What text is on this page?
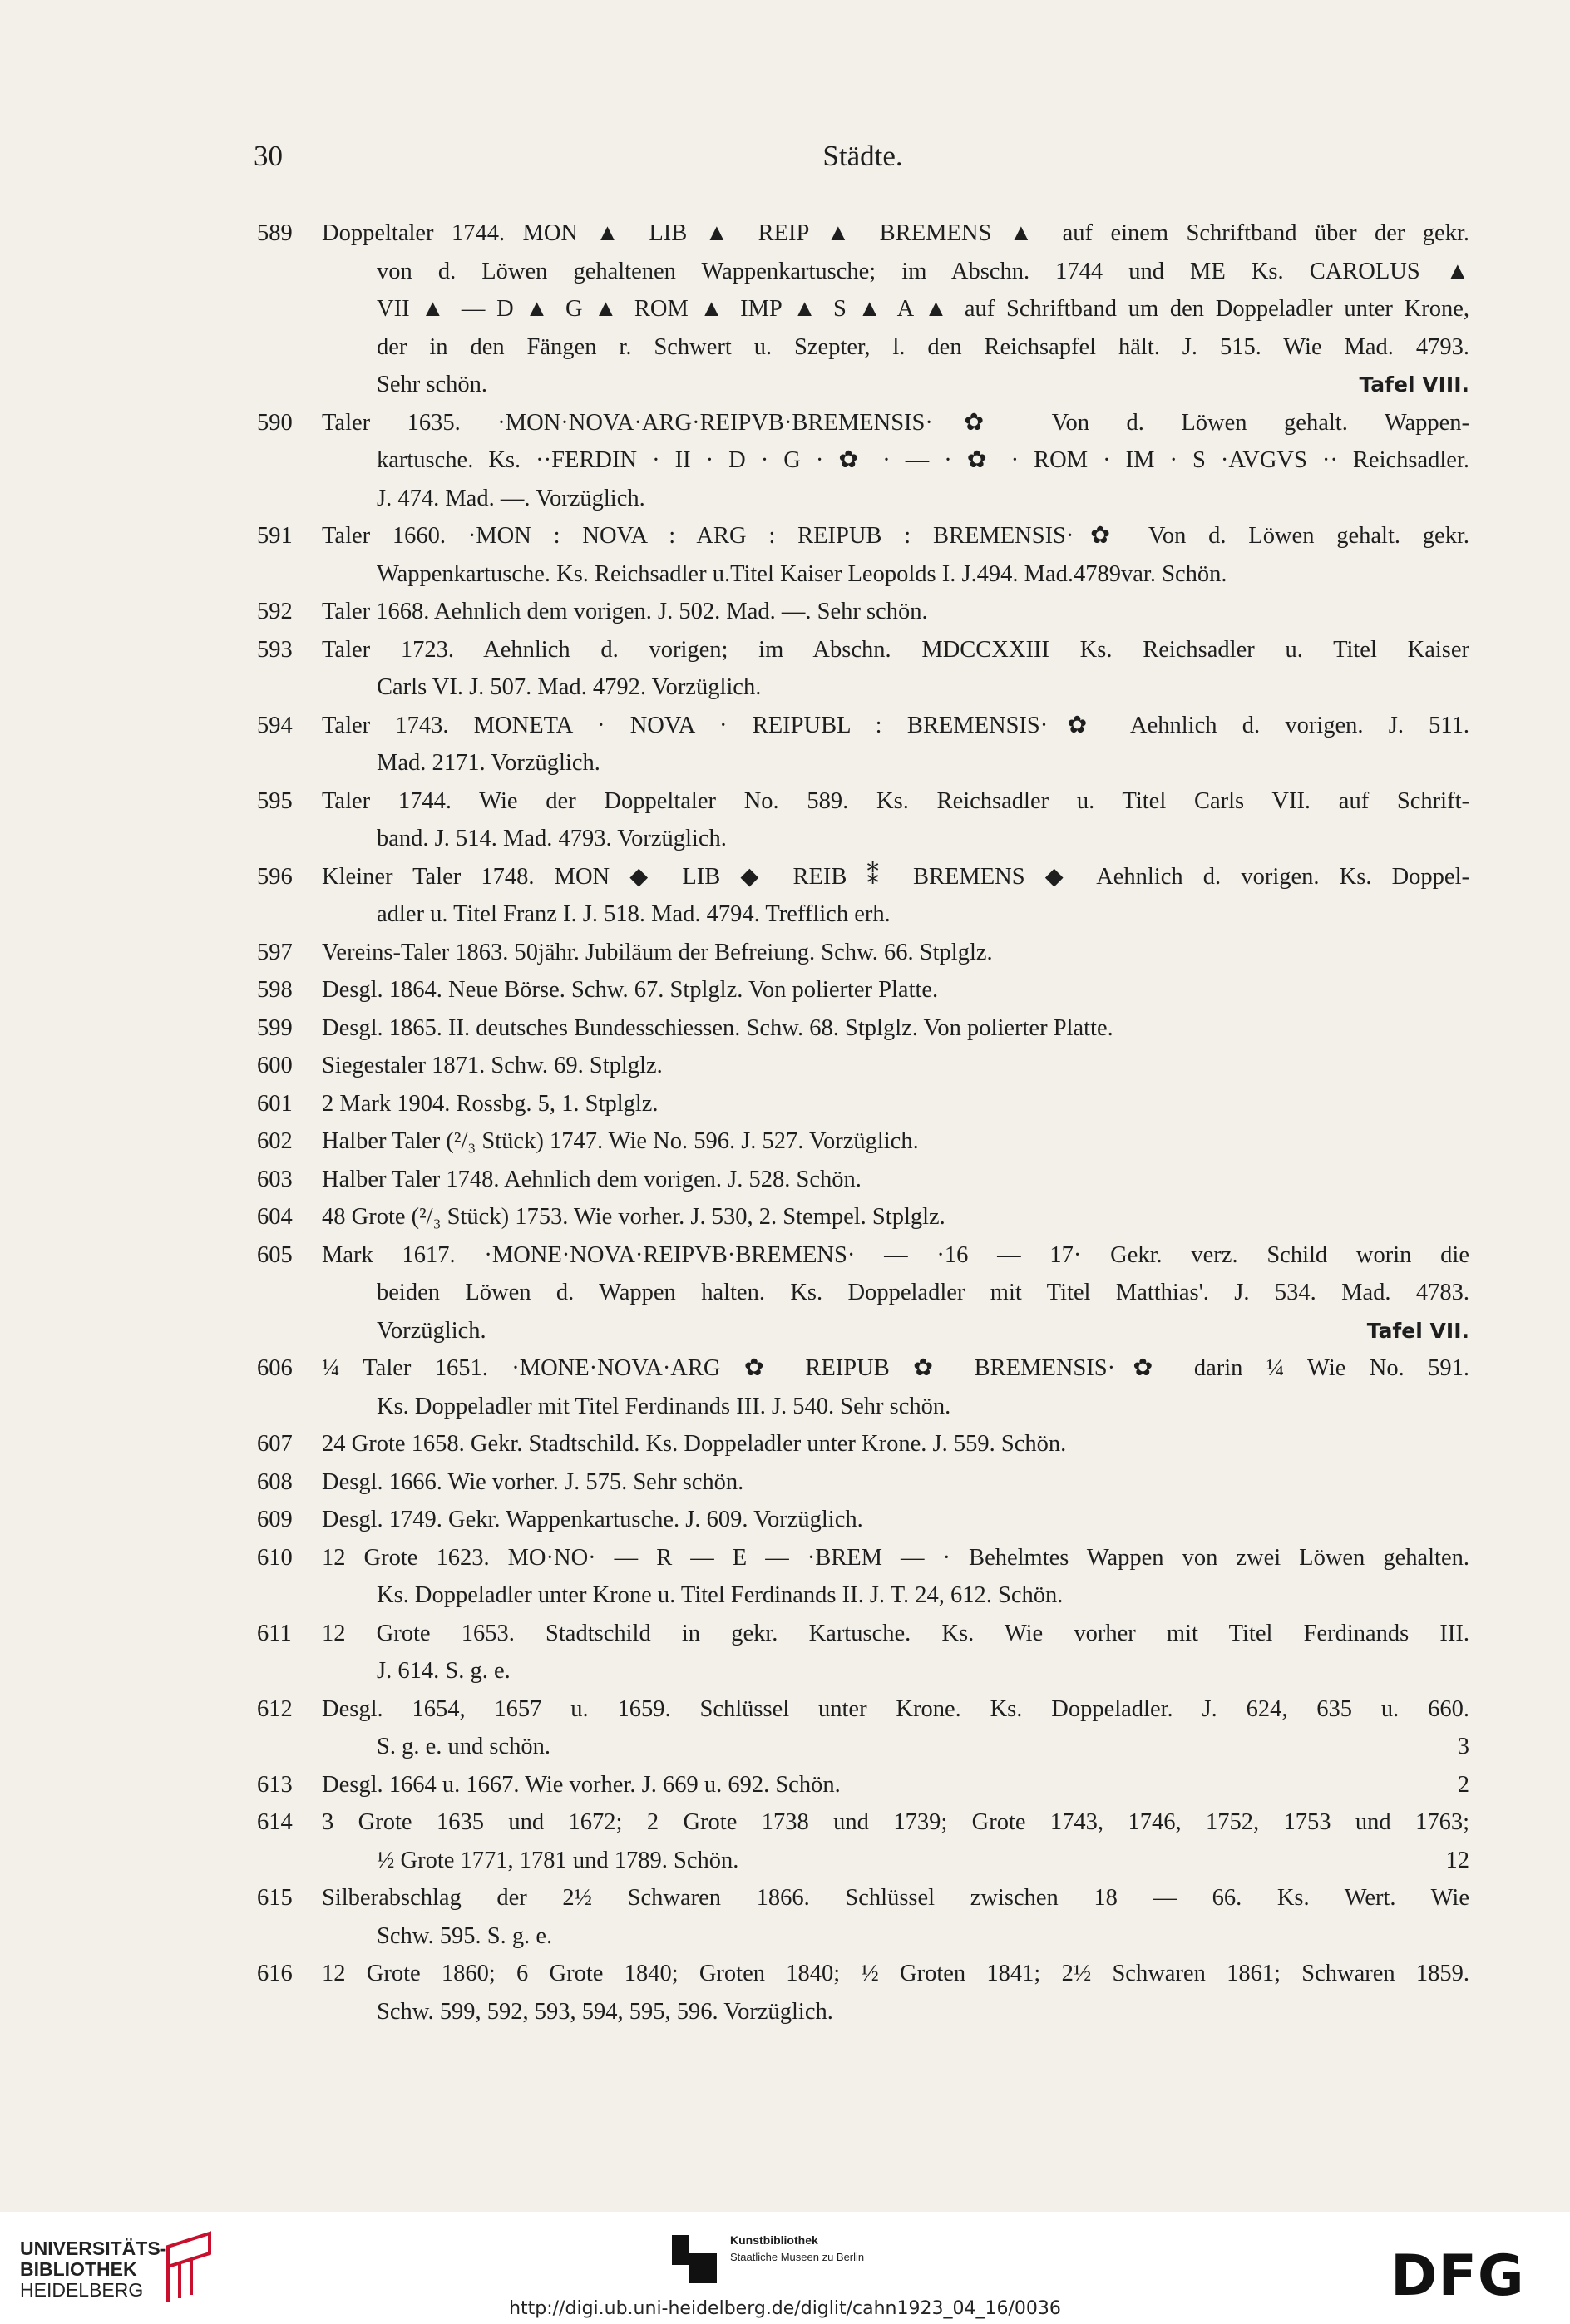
30	Städte.
589 Doppeltaler 1744. MON ▲ LIB ▲ REIP ▲ BREMENS ▲ auf einem Schriftband über der gekr.
von d. Löwen gehaltenen Wappenkartusche; im Abschn. 1744 und ME Ks. CAROLUS ▲
VII ▲ — D ▲ G ▲ ROM ▲ IMP ▲ S ▲ A ▲ auf Schriftband um den Doppeladler unter Krone,
der in den Fängen r. Schwert u. Szepter, l. den Reichsapfel hält. J. 515. Wie Mad. 4793.
Sehr schön.	Tafel VIII.
590 Taler 1635. ·MON·NOVA·ARG·REIPVB·BREMENSIS·✿ Von d. Löwen gehalt. Wappen-
kartusche. Ks. ··FERDIN · II · D · G · ✿ · — · ✿ · ROM · IM · S ·AVGVS ·· Reichsadler.
J. 474. Mad. —. Vorzüglich.
591 Taler 1660. ·MON : NOVA : ARG : REIPUB : BREMENSIS·✿ Von d. Löwen gehalt. gekr.
Wappenkartusche. Ks. Reichsadler u.Titel Kaiser Leopolds I. J.494. Mad.4789var. Schön.
592 Taler 1668. Aehnlich dem vorigen. J. 502. Mad. —. Sehr schön.
593 Taler 1723. Aehnlich d. vorigen; im Abschn. MDCCXXIII Ks. Reichsadler u. Titel Kaiser
Carls VI. J. 507. Mad. 4792. Vorzüglich.
594 Taler 1743. MONETA · NOVA · REIPUBL : BREMENSIS·✿ Aehnlich d. vorigen. J. 511.
Mad. 2171. Vorzüglich.
595 Taler 1744. Wie der Doppeltaler No. 589. Ks. Reichsadler u. Titel Carls VII. auf Schrift-
band. J. 514. Mad. 4793. Vorzüglich.
596 Kleiner Taler 1748. MON ◆ LIB ◆ REIB ⁑ BREMENS ◆ Aehnlich d. vorigen. Ks. Doppel-
adler u. Titel Franz I. J. 518. Mad. 4794. Trefflich erh.
597 Vereins-Taler 1863. 50jähr. Jubiläum der Befreiung. Schw. 66. Stplglz.
598 Desgl. 1864. Neue Börse. Schw. 67. Stplglz. Von polierter Platte.
599 Desgl. 1865. II. deutsches Bundesschiessen. Schw. 68. Stplglz. Von polierter Platte.
600 Siegestaler 1871. Schw. 69. Stplglz.
601 2 Mark 1904. Rossbg. 5, 1. Stplglz.
602 Halber Taler (²/₃ Stück) 1747. Wie No. 596. J. 527. Vorzüglich.
603 Halber Taler 1748. Aehnlich dem vorigen. J. 528. Schön.
604 48 Grote (²/₃ Stück) 1753. Wie vorher. J. 530, 2. Stempel. Stplglz.
605 Mark 1617. ·MONE·NOVA·REIPVB·BREMENS· — ·16 — 17· Gekr. verz. Schild worin die
beiden Löwen d. Wappen halten. Ks. Doppeladler mit Titel Matthias'. J. 534. Mad. 4783.
Vorzüglich.	Tafel VII.
606 ¼ Taler 1651. ·MONE·NOVA·ARG ✿ REIPUB ✿ BREMENSIS·✿ darin ¼ Wie No. 591.
Ks. Doppeladler mit Titel Ferdinands III. J. 540. Sehr schön.
607 24 Grote 1658. Gekr. Stadtschild. Ks. Doppeladler unter Krone. J. 559. Schön.
608 Desgl. 1666. Wie vorher. J. 575. Sehr schön.
609 Desgl. 1749. Gekr. Wappenkartusche. J. 609. Vorzüglich.
610 12 Grote 1623. MO·NO· — R — E — ·BREM — · Behelmtes Wappen von zwei Löwen gehalten.
Ks. Doppeladler unter Krone u. Titel Ferdinands II. J. T. 24, 612. Schön.
611 12 Grote 1653. Stadtschild in gekr. Kartusche. Ks. Wie vorher mit Titel Ferdinands III.
J. 614. S. g. e.
612 Desgl. 1654, 1657 u. 1659. Schlüssel unter Krone. Ks. Doppeladler. J. 624, 635 u. 660.
S. g. e. und schön.	3
613 Desgl. 1664 u. 1667. Wie vorher. J. 669 u. 692. Schön.	2
614 3 Grote 1635 und 1672; 2 Grote 1738 und 1739; Grote 1743, 1746, 1752, 1753 und 1763;
½ Grote 1771, 1781 und 1789. Schön.	12
615 Silberabschlag der 2½ Schwaren 1866. Schlüssel zwischen 18 — 66. Ks. Wert. Wie
Schw. 595. S. g. e.
616 12 Grote 1860; 6 Grote 1840; Groten 1840; ½ Groten 1841; 2½ Schwaren 1861; Schwaren 1859.
Schw. 599, 592, 593, 594, 595, 596. Vorzüglich.
UNIVERSITÄTS-
BIBLIOTHEK
HEIDELBERG
Kunstbibliothek
Staatliche Museen zu Berlin	DFG
http://digi.ub.uni-heidelberg.de/diglit/cahn1923_04_16/0036
